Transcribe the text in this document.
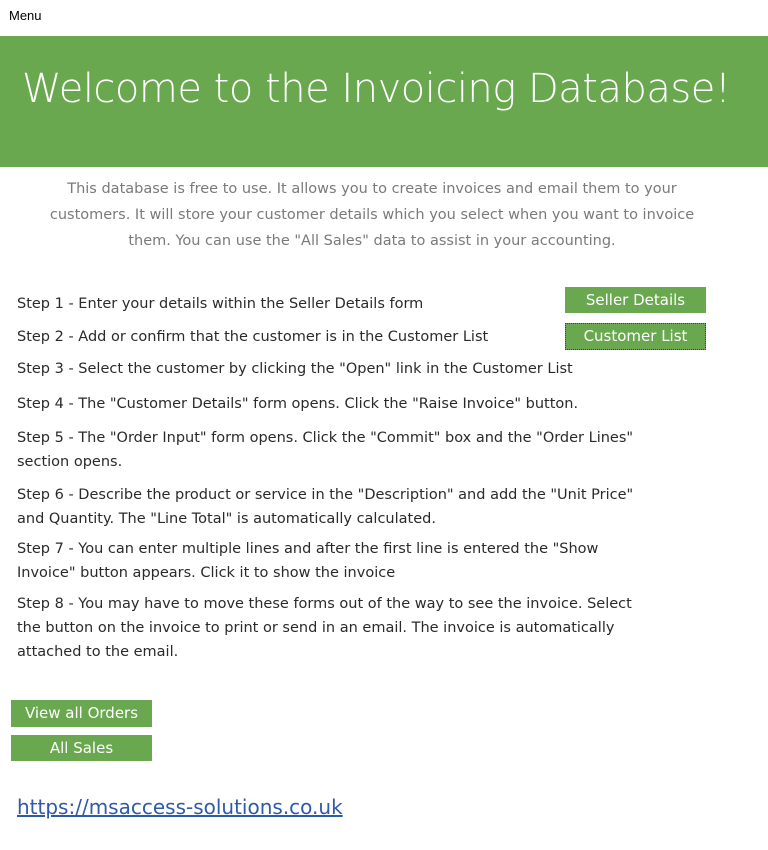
Menu
Welcome to the Invoicing Database!
This database is free to use. It allows you to create invoices and email them to your customers. It will store your customer details which you select when you want to invoice them. You can use the "All Sales" data to assist in your accounting.
Step 1 - Enter your details within the Seller Details form
Step 2 - Add or confirm that the customer is in the Customer List
Step 3 - Select the customer by clicking the "Open" link in the Customer List
Step 4 - The "Customer Details" form opens. Click the "Raise Invoice" button.
Step 5 - The "Order Input" form opens. Click the "Commit" box and the "Order Lines" section opens.
Step 6 - Describe the product or service in the "Description" and add the "Unit Price" and Quantity. The "Line Total" is automatically calculated.
Step 7 - You can enter multiple lines and after the first line is entered the "Show Invoice" button appears. Click it to show the invoice
Step 8 - You may have to move these forms out of the way to see the invoice. Select the button on the invoice to print or send in an email. The invoice is automatically attached to the email.
Seller Details
Customer List
View all Orders
All Sales
https://msaccess-solutions.co.uk
